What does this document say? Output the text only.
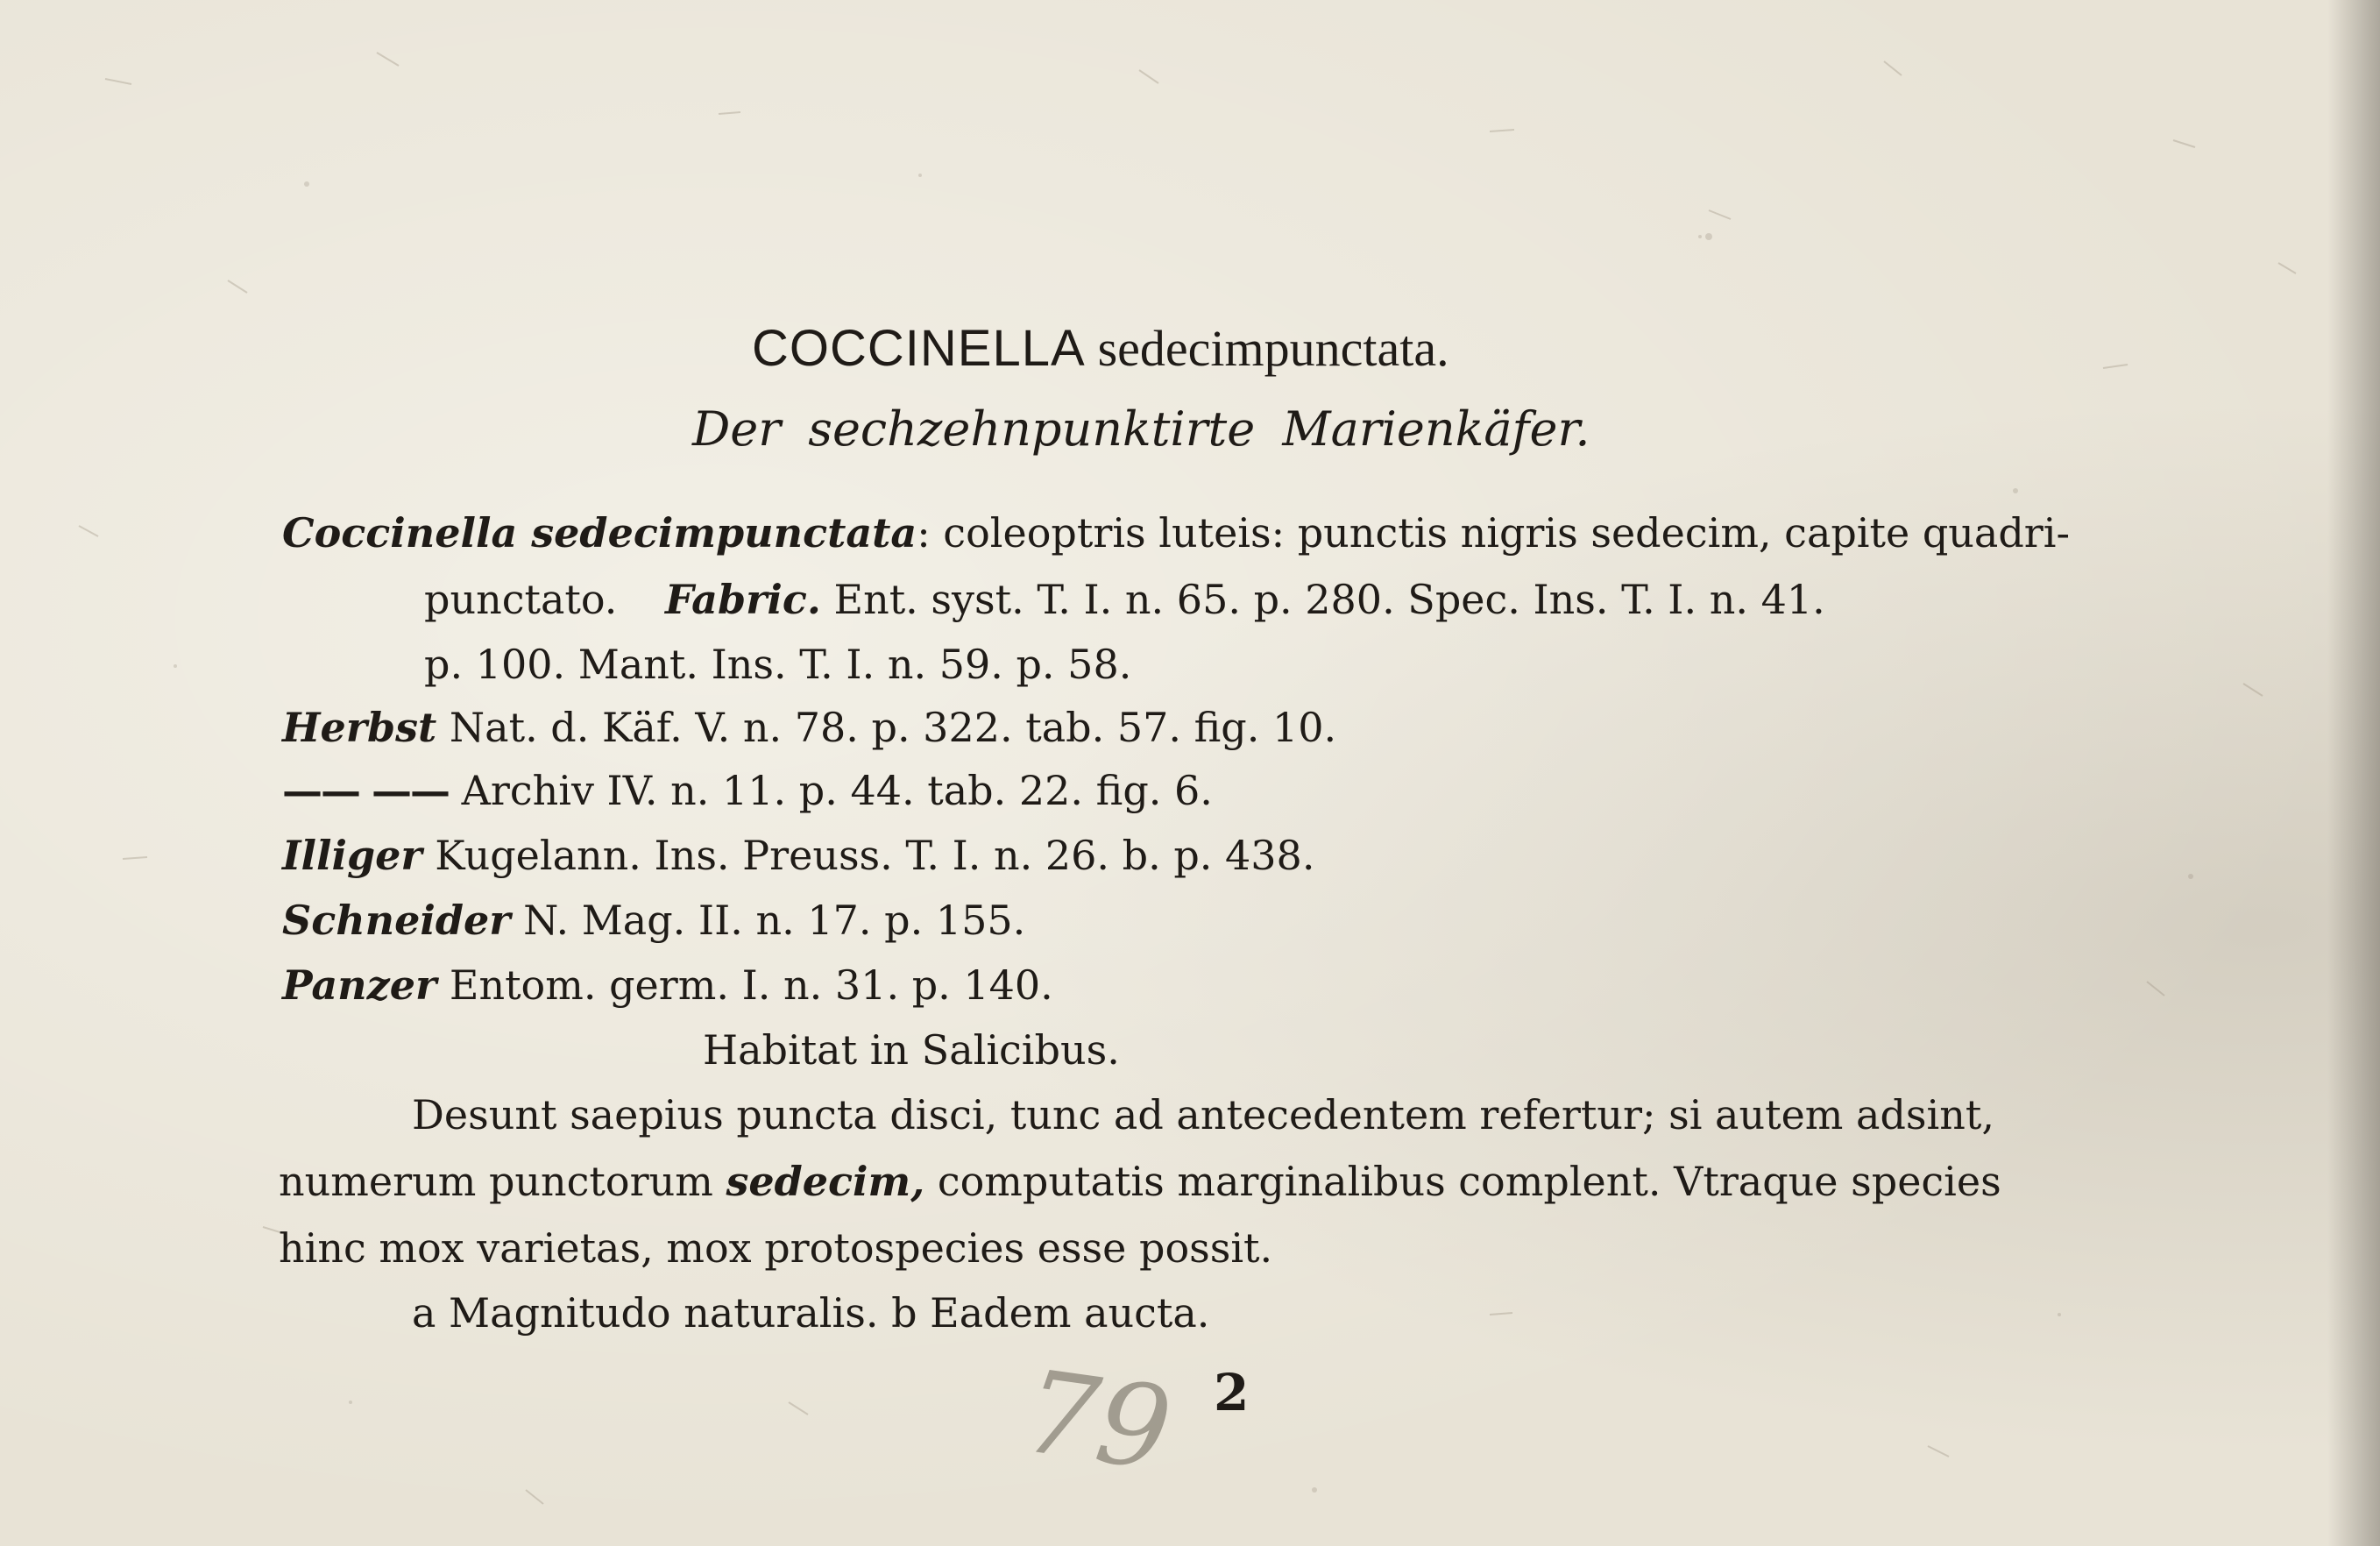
COCCINELLA sedecimpunctata.
Der sechzehnpunktirte Marienkäfer.
Coccinella sedecimpunctata: coleoptris luteis: punctis nigris sedecim, capite quadri-
punctato. Fabric. Ent. syst. T. I. n. 65. p. 280. Spec. Ins. T. I. n. 41.
p. 100. Mant. Ins. T. I. n. 59. p. 58.
Herbst Nat. d. Käf. V. n. 78. p. 322. tab. 57. fig. 10.
—— —— Archiv IV. n. 11. p. 44. tab. 22. fig. 6.
Illiger Kugelann. Ins. Preuss. T. I. n. 26. b. p. 438.
Schneider N. Mag. II. n. 17. p. 155.
Panzer Entom. germ. I. n. 31. p. 140.
Habitat in Salicibus.
Desunt saepius puncta disci, tunc ad antecedentem refertur; si autem adsint,
numerum punctorum sedecim, computatis marginalibus complent. Vtraque species
hinc mox varietas, mox protospecies esse possit.
a Magnitudo naturalis. b Eadem aucta.
79 2
